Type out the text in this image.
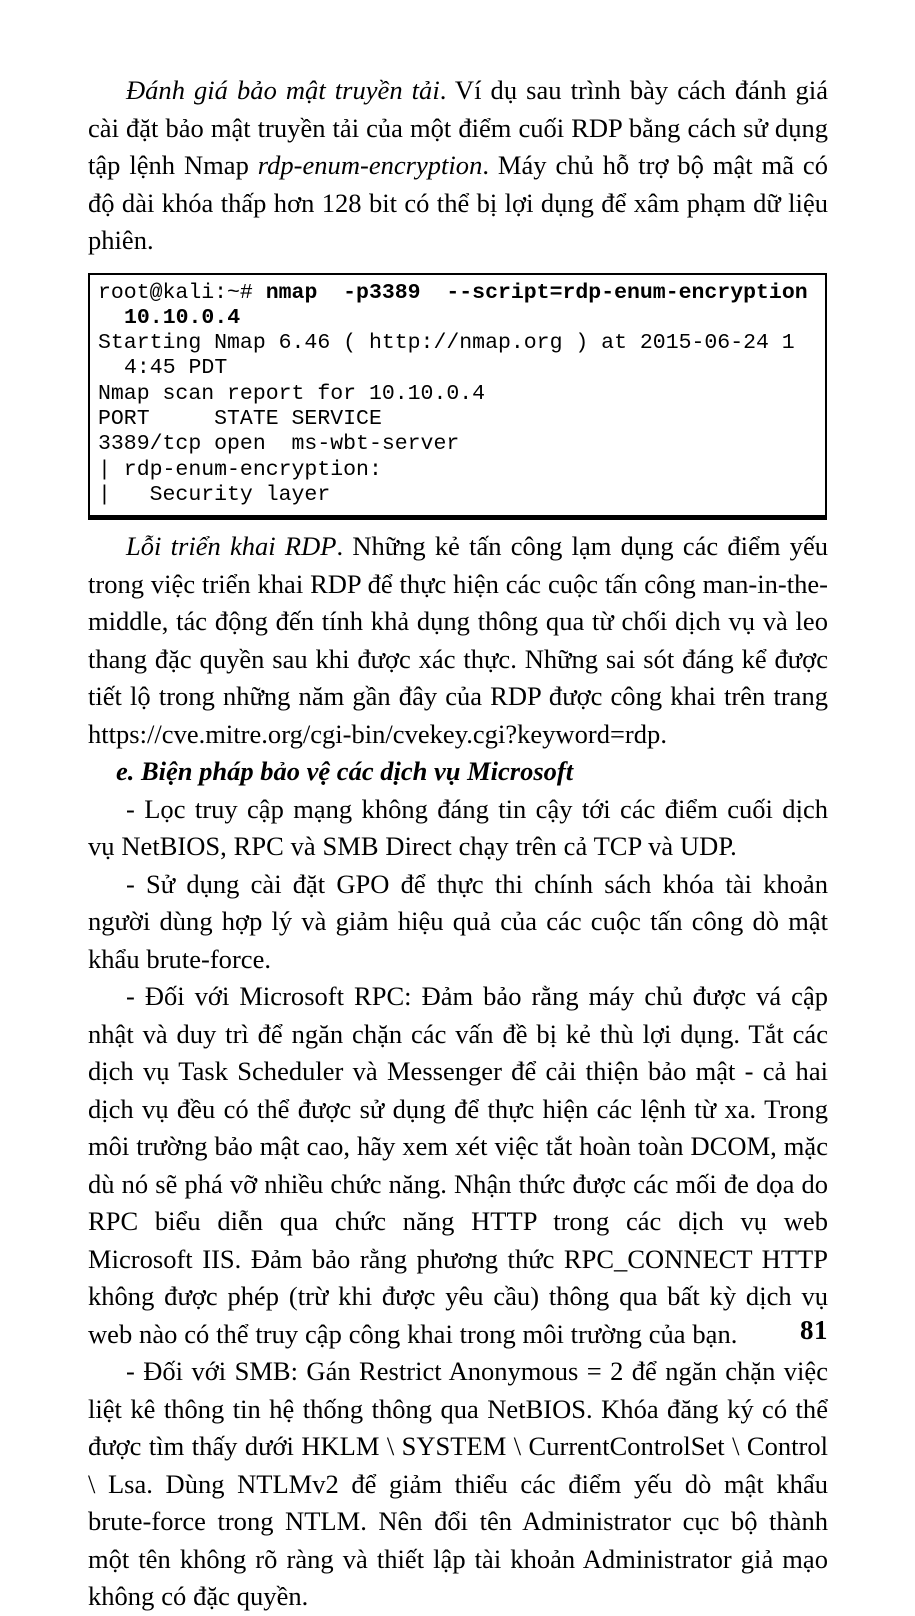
Đánh giá bảo mật truyền tải. Ví dụ sau trình bày cách đánh giá cài đặt bảo mật truyền tải của một điểm cuối RDP bằng cách sử dụng tập lệnh Nmap rdp-enum-encryption. Máy chủ hỗ trợ bộ mật mã có độ dài khóa thấp hơn 128 bit có thể bị lợi dụng để xâm phạm dữ liệu phiên.

root@kali:~# nmap  -p3389  --script=rdp-enum-encryption 10.10.0.4
Starting Nmap 6.46 ( http://nmap.org ) at 2015-06-24 14:45 PDT
Nmap scan report for 10.10.0.4
PORT     STATE SERVICE
3389/tcp open  ms-wbt-server
| rdp-enum-encryption:
|   Security layer

Lỗi triển khai RDP. Những kẻ tấn công lạm dụng các điểm yếu trong việc triển khai RDP để thực hiện các cuộc tấn công man-in-the-middle, tác động đến tính khả dụng thông qua từ chối dịch vụ và leo thang đặc quyền sau khi được xác thực. Những sai sót đáng kể được tiết lộ trong những năm gần đây của RDP được công khai trên trang https://cve.mitre.org/cgi-bin/cvekey.cgi?keyword=rdp.

e. Biện pháp bảo vệ các dịch vụ Microsoft

- Lọc truy cập mạng không đáng tin cậy tới các điểm cuối dịch vụ NetBIOS, RPC và SMB Direct chạy trên cả TCP và UDP.

- Sử dụng cài đặt GPO để thực thi chính sách khóa tài khoản người dùng hợp lý và giảm hiệu quả của các cuộc tấn công dò mật khẩu brute-force.

- Đối với Microsoft RPC: Đảm bảo rằng máy chủ được vá cập nhật và duy trì để ngăn chặn các vấn đề bị kẻ thù lợi dụng. Tắt các dịch vụ Task Scheduler và Messenger để cải thiện bảo mật - cả hai dịch vụ đều có thể được sử dụng để thực hiện các lệnh từ xa. Trong môi trường bảo mật cao, hãy xem xét việc tắt hoàn toàn DCOM, mặc dù nó sẽ phá vỡ nhiều chức năng. Nhận thức được các mối đe dọa do RPC biểu diễn qua chức năng HTTP trong các dịch vụ web Microsoft IIS. Đảm bảo rằng phương thức RPC_CONNECT HTTP không được phép (trừ khi được yêu cầu) thông qua bất kỳ dịch vụ web nào có thể truy cập công khai trong môi trường của bạn.

- Đối với SMB: Gán Restrict Anonymous = 2 để ngăn chặn việc liệt kê thông tin hệ thống thông qua NetBIOS. Khóa đăng ký có thể được tìm thấy dưới HKLM \ SYSTEM \ CurrentControlSet \ Control \ Lsa. Dùng NTLMv2 để giảm thiểu các điểm yếu dò mật khẩu brute-force trong NTLM. Nên đổi tên Administrator cục bộ thành một tên không rõ ràng và thiết lập tài khoản Administrator giả mạo không có đặc quyền.

81
